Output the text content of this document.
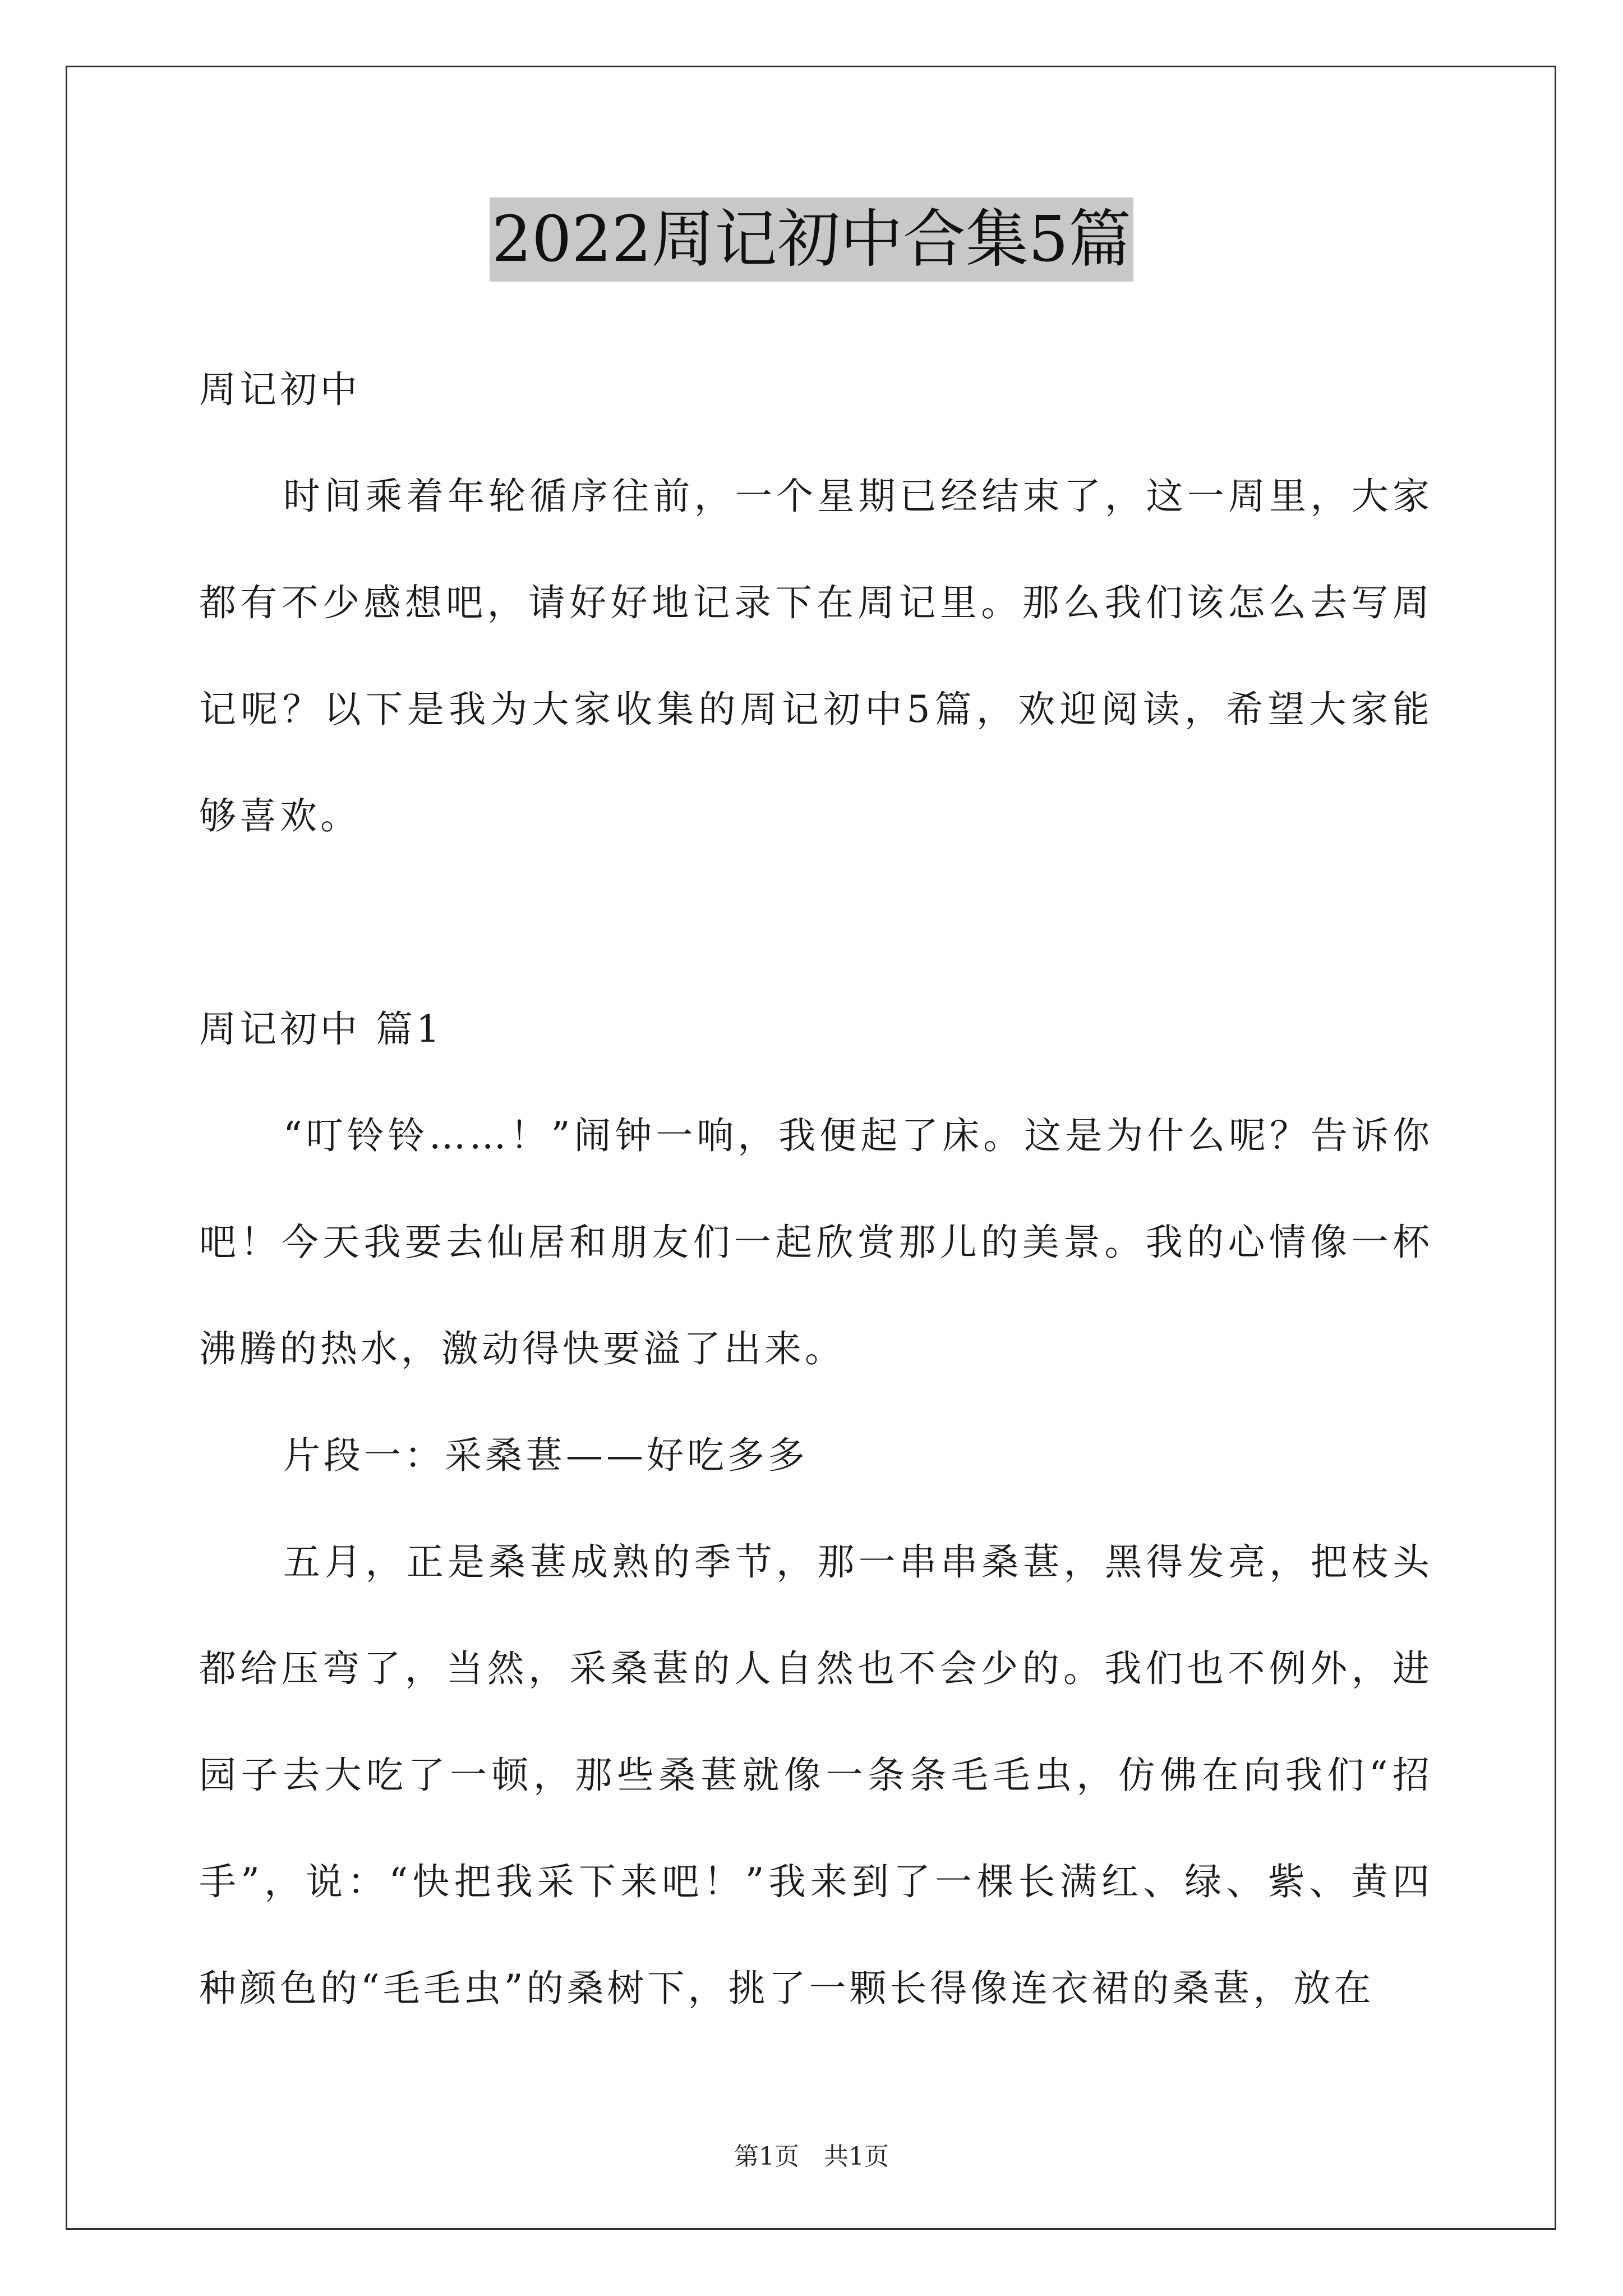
2022周记初中合集5篇

周记初中

时间乘着年轮循序往前，一个星期已经结束了，这一周里，大家都有不少感想吧，请好好地记录下在周记里。那么我们该怎么去写周记呢？以下是我为大家收集的周记初中5篇，欢迎阅读，希望大家能够喜欢。

周记初中 篇1

“叮铃铃……！”闹钟一响，我便起了床。这是为什么呢？告诉你吧！今天我要去仙居和朋友们一起欣赏那儿的美景。我的心情像一杯沸腾的热水，激动得快要溢了出来。

片段一：采桑葚——好吃多多

五月，正是桑葚成熟的季节，那一串串桑葚，黑得发亮，把枝头都给压弯了，当然，采桑葚的人自然也不会少的。我们也不例外，进园子去大吃了一顿，那些桑葚就像一条条毛毛虫，仿佛在向我们“招手”，说：“快把我采下来吧！”我来到了一棵长满红、绿、紫、黄四种颜色的“毛毛虫”的桑树下，挑了一颗长得像连衣裙的桑葚，放在

第1页　共1页
